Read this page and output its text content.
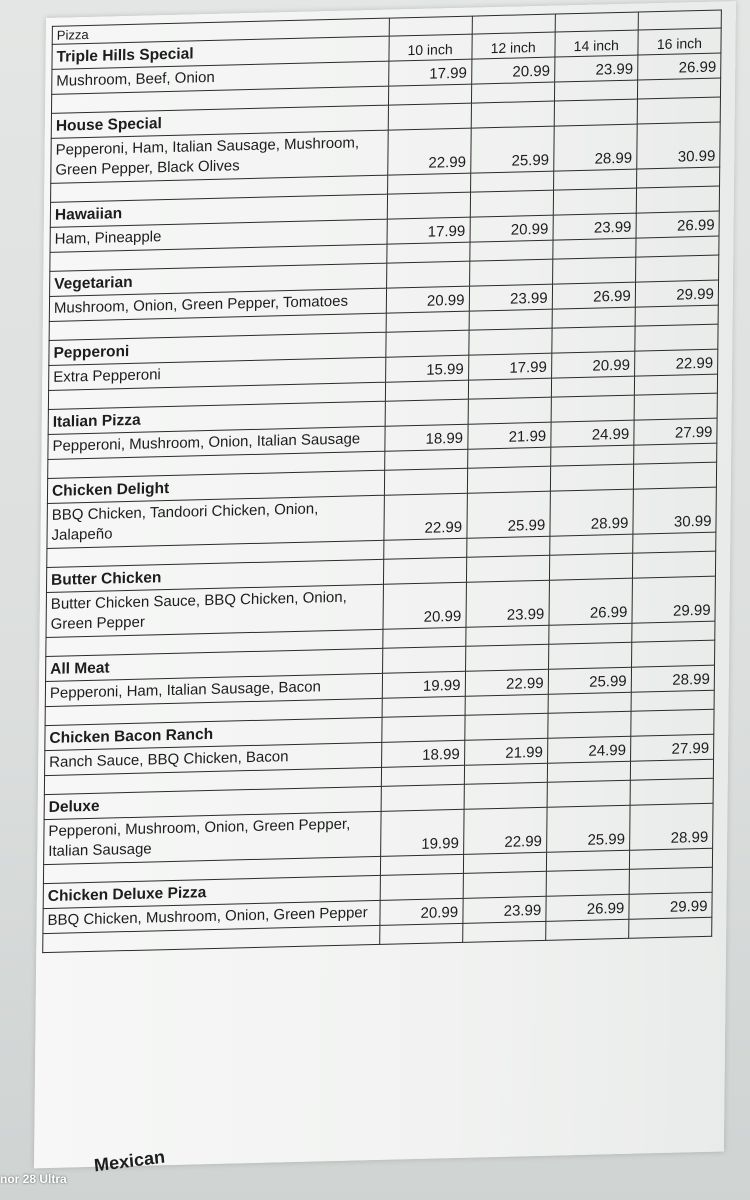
Pizza				
Triple Hills Special	10 inch	12 inch	14 inch	16 inch
Mushroom, Beef, Onion	17.99	20.99	23.99	26.99

House Special				
Pepperoni, Ham, Italian Sausage, Mushroom, Green Pepper, Black Olives	22.99	25.99	28.99	30.99

Hawaiian				
Ham, Pineapple	17.99	20.99	23.99	26.99

Vegetarian				
Mushroom, Onion, Green Pepper, Tomatoes	20.99	23.99	26.99	29.99

Pepperoni				
Extra Pepperoni	15.99	17.99	20.99	22.99

Italian Pizza				
Pepperoni, Mushroom, Onion, Italian Sausage	18.99	21.99	24.99	27.99

Chicken Delight				
BBQ Chicken, Tandoori Chicken, Onion, Jalapeño	22.99	25.99	28.99	30.99

Butter Chicken				
Butter Chicken Sauce, BBQ Chicken, Onion, Green Pepper	20.99	23.99	26.99	29.99

All Meat				
Pepperoni, Ham, Italian Sausage, Bacon	19.99	22.99	25.99	28.99

Chicken Bacon Ranch				
Ranch Sauce, BBQ Chicken, Bacon	18.99	21.99	24.99	27.99

Deluxe				
Pepperoni, Mushroom, Onion, Green Pepper, Italian Sausage	19.99	22.99	25.99	28.99

Chicken Deluxe Pizza				
BBQ Chicken, Mushroom, Onion, Green Pepper	20.99	23.99	26.99	29.99

Mexican
nor 28 Ultra
